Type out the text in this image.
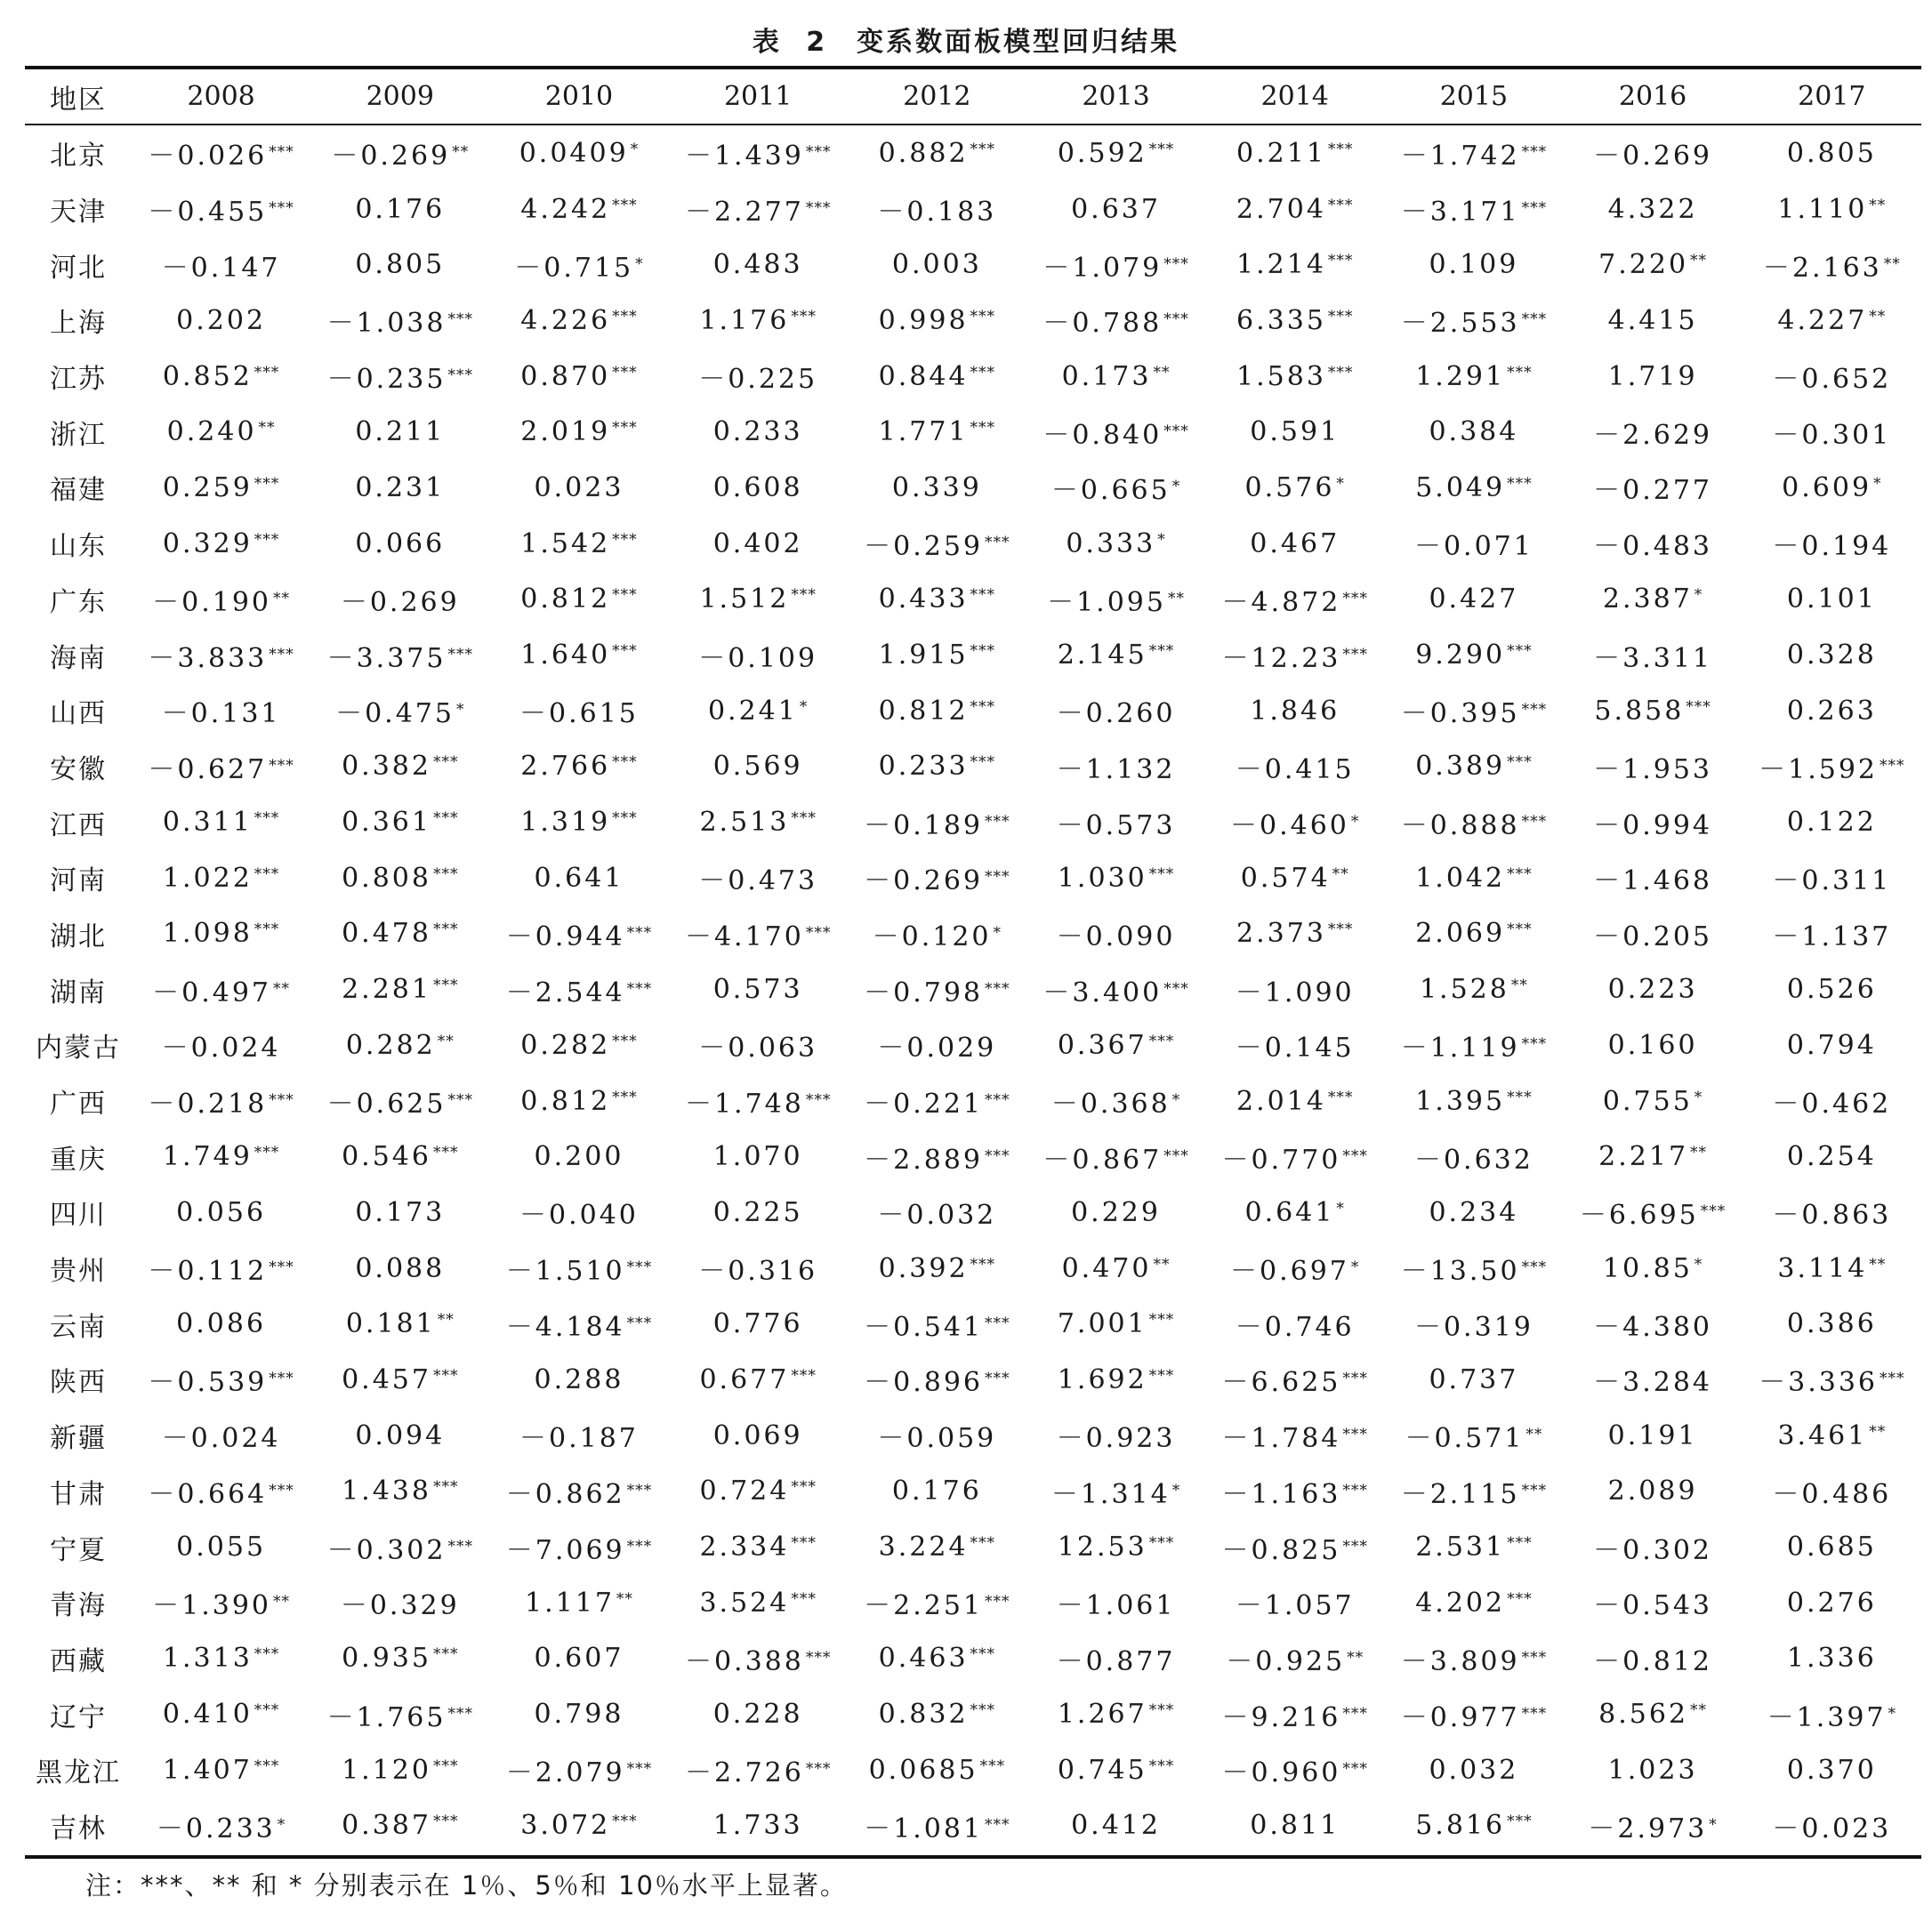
表 2　变系数面板模型回归结果
地区	2008	2009	2010	2011	2012	2013	2014	2015	2016	2017
北京	－0.026 ***	－0.269 **	0.0409 *	－1.439 ***	0.882 ***	0.592 ***	0.211 ***	－1.742 ***	－0.269	0.805
天津	－0.455 ***	0.176	4.242 ***	－2.277 ***	－0.183	0.637	2.704 ***	－3.171 ***	4.322	1.110 **
河北	－0.147	0.805	－0.715 *	0.483	0.003	－1.079 ***	1.214 ***	0.109	7.220 **	－2.163 **
上海	0.202	－1.038 ***	4.226 ***	1.176 ***	0.998 ***	－0.788 ***	6.335 ***	－2.553 ***	4.415	4.227 **
江苏	0.852 ***	－0.235 ***	0.870 ***	－0.225	0.844 ***	0.173 **	1.583 ***	1.291 ***	1.719	－0.652
浙江	0.240 **	0.211	2.019 ***	0.233	1.771 ***	－0.840 ***	0.591	0.384	－2.629	－0.301
福建	0.259 ***	0.231	0.023	0.608	0.339	－0.665 *	0.576 *	5.049 ***	－0.277	0.609 *
山东	0.329 ***	0.066	1.542 ***	0.402	－0.259 ***	0.333 *	0.467	－0.071	－0.483	－0.194
广东	－0.190 **	－0.269	0.812 ***	1.512 ***	0.433 ***	－1.095 **	－4.872 ***	0.427	2.387 *	0.101
海南	－3.833 ***	－3.375 ***	1.640 ***	－0.109	1.915 ***	2.145 ***	－12.23 ***	9.290 ***	－3.311	0.328
山西	－0.131	－0.475 *	－0.615	0.241 *	0.812 ***	－0.260	1.846	－0.395 ***	5.858 ***	0.263
安徽	－0.627 ***	0.382 ***	2.766 ***	0.569	0.233 ***	－1.132	－0.415	0.389 ***	－1.953	－1.592 ***
江西	0.311 ***	0.361 ***	1.319 ***	2.513 ***	－0.189 ***	－0.573	－0.460 *	－0.888 ***	－0.994	0.122
河南	1.022 ***	0.808 ***	0.641	－0.473	－0.269 ***	1.030 ***	0.574 **	1.042 ***	－1.468	－0.311
湖北	1.098 ***	0.478 ***	－0.944 ***	－4.170 ***	－0.120 *	－0.090	2.373 ***	2.069 ***	－0.205	－1.137
湖南	－0.497 **	2.281 ***	－2.544 ***	0.573	－0.798 ***	－3.400 ***	－1.090	1.528 **	0.223	0.526
内蒙古	－0.024	0.282 **	0.282 ***	－0.063	－0.029	0.367 ***	－0.145	－1.119 ***	0.160	0.794
广西	－0.218 ***	－0.625 ***	0.812 ***	－1.748 ***	－0.221 ***	－0.368 *	2.014 ***	1.395 ***	0.755 *	－0.462
重庆	1.749 ***	0.546 ***	0.200	1.070	－2.889 ***	－0.867 ***	－0.770 ***	－0.632	2.217 **	0.254
四川	0.056	0.173	－0.040	0.225	－0.032	0.229	0.641 *	0.234	－6.695 ***	－0.863
贵州	－0.112 ***	0.088	－1.510 ***	－0.316	0.392 ***	0.470 **	－0.697 *	－13.50 ***	10.85 *	3.114 **
云南	0.086	0.181 **	－4.184 ***	0.776	－0.541 ***	7.001 ***	－0.746	－0.319	－4.380	0.386
陕西	－0.539 ***	0.457 ***	0.288	0.677 ***	－0.896 ***	1.692 ***	－6.625 ***	0.737	－3.284	－3.336 ***
新疆	－0.024	0.094	－0.187	0.069	－0.059	－0.923	－1.784 ***	－0.571 **	0.191	3.461 **
甘肃	－0.664 ***	1.438 ***	－0.862 ***	0.724 ***	0.176	－1.314 *	－1.163 ***	－2.115 ***	2.089	－0.486
宁夏	0.055	－0.302 ***	－7.069 ***	2.334 ***	3.224 ***	12.53 ***	－0.825 ***	2.531 ***	－0.302	0.685
青海	－1.390 **	－0.329	1.117 **	3.524 ***	－2.251 ***	－1.061	－1.057	4.202 ***	－0.543	0.276
西藏	1.313 ***	0.935 ***	0.607	－0.388 ***	0.463 ***	－0.877	－0.925 **	－3.809 ***	－0.812	1.336
辽宁	0.410 ***	－1.765 ***	0.798	0.228	0.832 ***	1.267 ***	－9.216 ***	－0.977 ***	8.562 **	－1.397 *
黑龙江	1.407 ***	1.120 ***	－2.079 ***	－2.726 ***	0.0685 ***	0.745 ***	－0.960 ***	0.032	1.023	0.370
吉林	－0.233 *	0.387 ***	3.072 ***	1.733	－1.081 ***	0.412	0.811	5.816 ***	－2.973 *	－0.023
注：***、** 和 * 分别表示在 1％、5％和 10％水平上显著。
